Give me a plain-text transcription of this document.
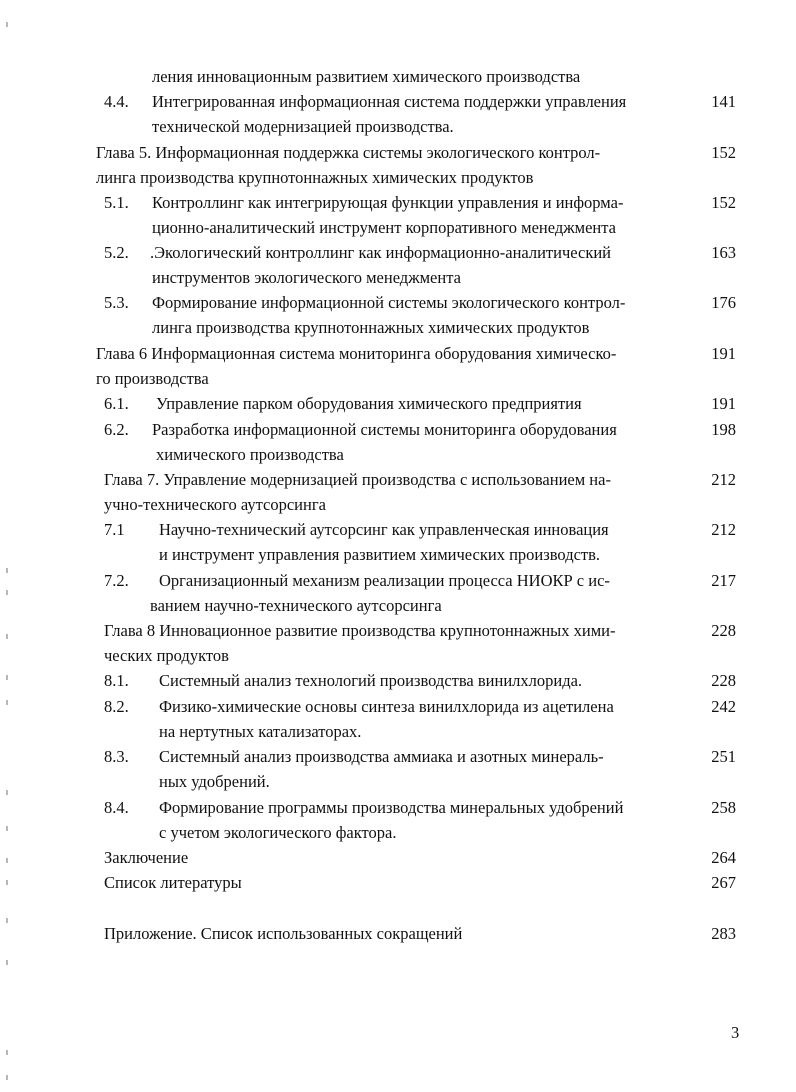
ления инновационным развитием химического производства
Интегрированная информационная система поддержки управления
технической модернизацией производства.
Глава 5. Информационная поддержка системы экологического контрол-
линга производства крупнотоннажных химических продуктов
Контроллинг как интегрирующая функции управления и информа-
ционно-аналитический инструмент корпоративного менеджмента
.Экологический контроллинг как информационно-аналитический
инструментов экологического менеджмента
Формирование информационной системы экологического контрол-
линга производства крупнотоннажных химических продуктов
Глава 6 Информационная система мониторинга оборудования химическо-
го производства
Управление парком оборудования химического предприятия
Разработка информационной системы мониторинга оборудования
химического производства
Глава 7. Управление модернизацией производства с использованием на-
учно-технического аутсорсинга
Научно-технический аутсорсинг как управленческая инновация
и инструмент управления развитием химических производств.
Организационный механизм реализации процесса НИОКР с ис-
ванием научно-технического аутсорсинга
Глава 8 Инновационное развитие производства крупнотоннажных хими-
ческих продуктов
Системный анализ технологий производства винилхлорида.
Физико-химические основы синтеза винилхлорида из ацетилена
на нертутных катализаторах.
Системный анализ производства аммиака и азотных минераль-
ных удобрений.
Формирование программы производства минеральных удобрений
с учетом экологического фактора.
Заключение
Список литературы
Приложение. Список использованных сокращений
4.4.
5.1.
5.2.
5.3.
6.1.
6.2.
7.1
7.2.
8.1.
8.2.
8.3.
8.4.
141
152
152
163
176
191
191
198
212
212
217
228
228
242
251
258
264
267
283
3
